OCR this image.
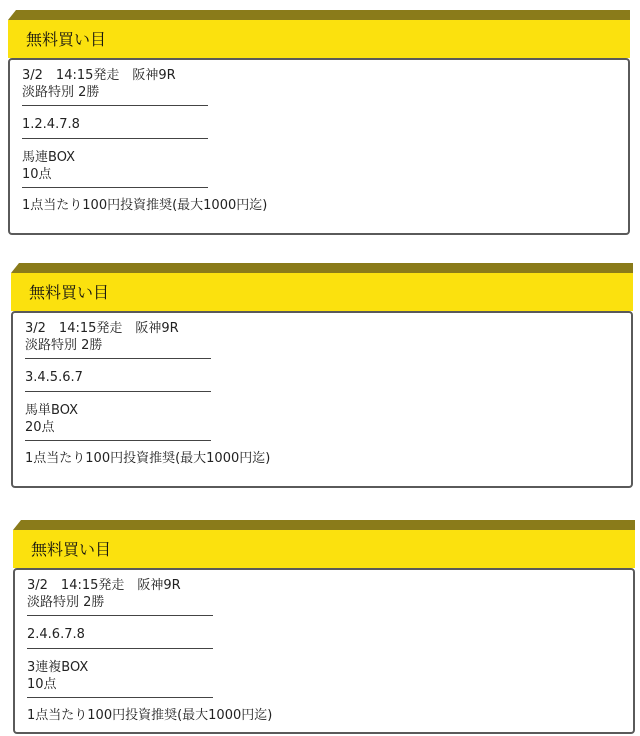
無料買い目
3/2　14:15発走　阪神9R
淡路特別 2勝
1.2.4.7.8
馬連BOX
10点
1点当たり100円投資推奨(最大1000円迄)
無料買い目
3/2　14:15発走　阪神9R
淡路特別 2勝
3.4.5.6.7
馬単BOX
20点
1点当たり100円投資推奨(最大1000円迄)
無料買い目
3/2　14:15発走　阪神9R
淡路特別 2勝
2.4.6.7.8
3連複BOX
10点
1点当たり100円投資推奨(最大1000円迄)
